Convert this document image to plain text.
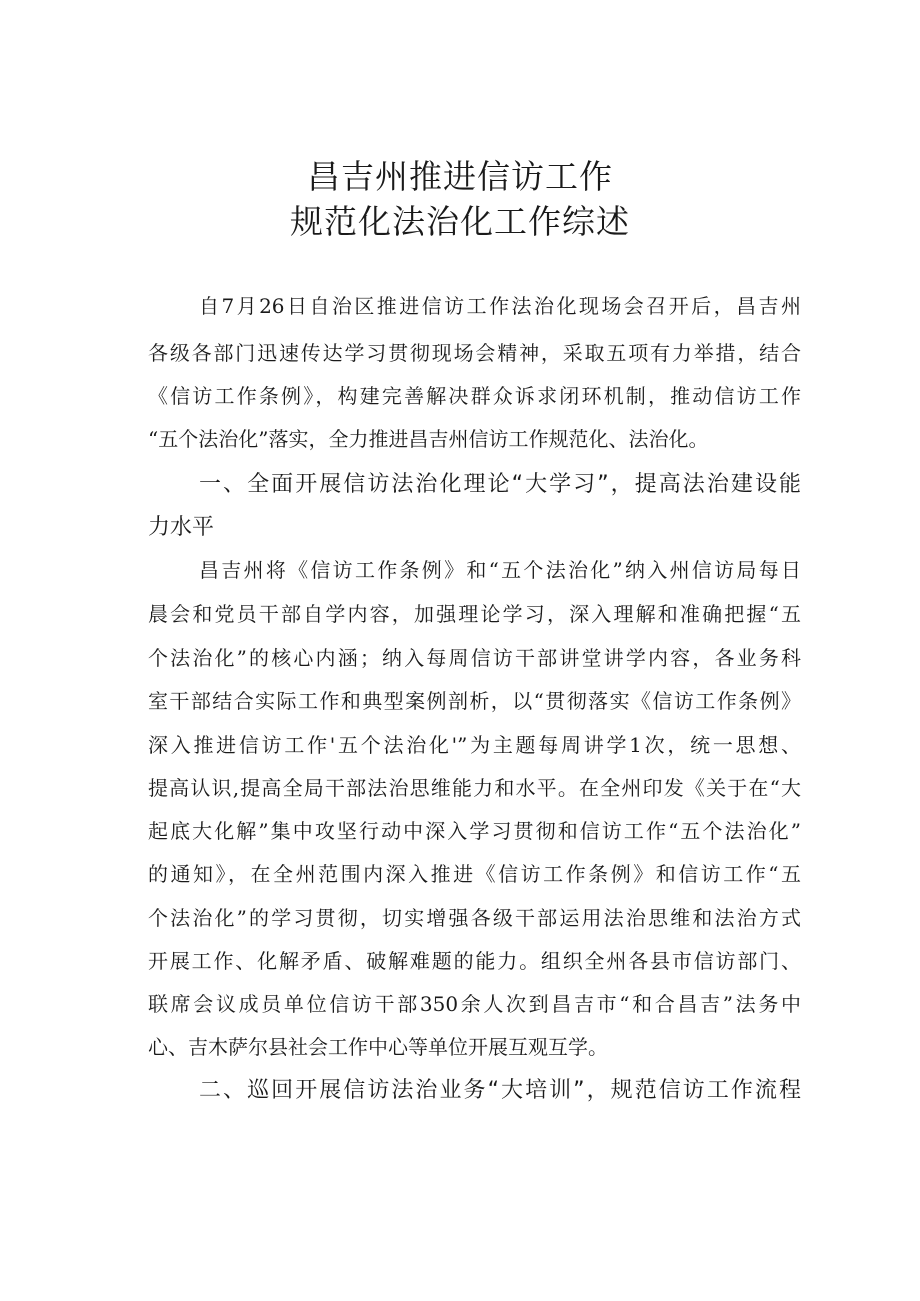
昌吉州推进信访工作
规范化法治化工作综述

自7月26日自治区推进信访工作法治化现场会召开后，昌吉州

各级各部门迅速传达学习贯彻现场会精神，采取五项有力举措，结合

《信访工作条例》，构建完善解决群众诉求闭环机制，推动信访工作

“五个法治化”落实，全力推进昌吉州信访工作规范化、法治化。

一、全面开展信访法治化理论“大学习”，提高法治建设能

力水平

昌吉州将《信访工作条例》和“五个法治化”纳入州信访局每日

晨会和党员干部自学内容，加强理论学习，深入理解和准确把握“五

个法治化”的核心内涵；纳入每周信访干部讲堂讲学内容，各业务科

室干部结合实际工作和典型案例剖析，以“贯彻落实《信访工作条例》

深入推进信访工作'五个法治化'”为主题每周讲学1次，统一思想、

提高认识,提高全局干部法治思维能力和水平。在全州印发《关于在“大

起底大化解”集中攻坚行动中深入学习贯彻和信访工作“五个法治化”

的通知》，在全州范围内深入推进《信访工作条例》和信访工作“五

个法治化”的学习贯彻，切实增强各级干部运用法治思维和法治方式

开展工作、化解矛盾、破解难题的能力。组织全州各县市信访部门、

联席会议成员单位信访干部350余人次到昌吉市“和合昌吉”法务中

心、吉木萨尔县社会工作中心等单位开展互观互学。

二、巡回开展信访法治业务“大培训”，规范信访工作流程
